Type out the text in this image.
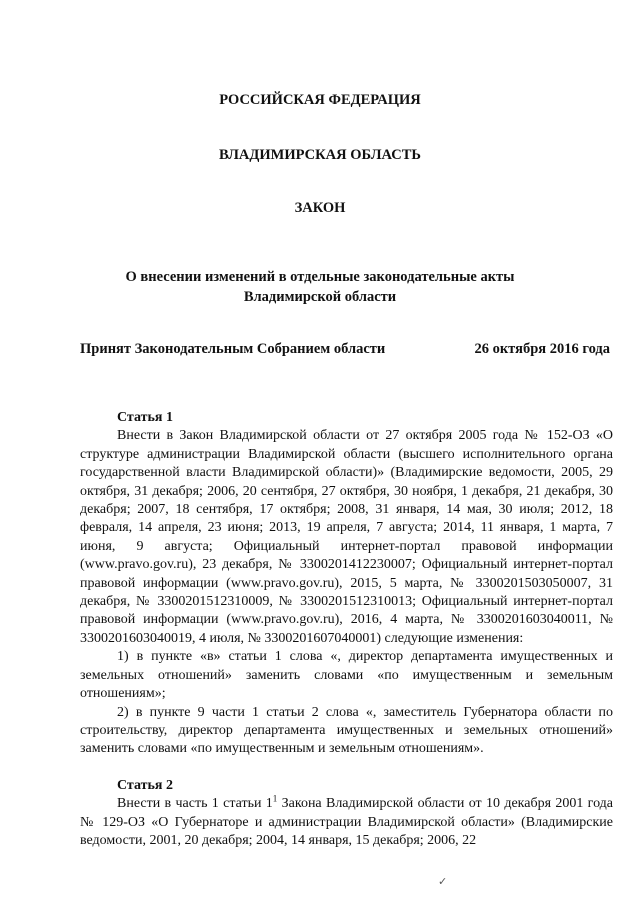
РОССИЙСКАЯ ФЕДЕРАЦИЯ

ВЛАДИМИРСКАЯ ОБЛАСТЬ

ЗАКОН

О внесении изменений в отдельные законодательные акты
Владимирской области
Принят Законодательным Собранием области	26 октября 2016 года

Статья 1

Внести в Закон Владимирской области от 27 октября 2005 года № 152-ОЗ «О структуре администрации Владимирской области (высшего исполнительного органа государственной власти Владимирской области)» (Владимирские ведомости, 2005, 29 октября, 31 декабря; 2006, 20 сентября, 27 октября, 30 ноября, 1 декабря, 21 декабря, 30 декабря; 2007, 18 сентября, 17 октября; 2008, 31 января, 14 мая, 30 июля; 2012, 18 февраля, 14 апреля, 23 июня; 2013, 19 апреля, 7 августа; 2014, 11 января, 1 марта, 7 июня, 9 августа; Официальный интернет-портал правовой информации (www.pravo.gov.ru), 23 декабря, № 3300201412230007; Официальный интернет-портал правовой информации (www.pravo.gov.ru), 2015, 5 марта, № 3300201503050007, 31 декабря, № 3300201512310009, № 3300201512310013; Официальный интернет-портал правовой информации (www.pravo.gov.ru), 2016, 4 марта, № 3300201603040011, № 3300201603040019, 4 июля, № 3300201607040001) следующие изменения:

1) в пункте «в» статьи 1 слова «, директор департамента имущественных и земельных отношений» заменить словами «по имущественным и земельным отношениям»;

2) в пункте 9 части 1 статьи 2 слова «, заместитель Губернатора области по строительству, директор департамента имущественных и земельных отношений» заменить словами «по имущественным и земельным отношениям».

Статья 2

Внести в часть 1 статьи $1^1$ Закона Владимирской области от 10 декабря 2001 года № 129-ОЗ «О Губернаторе и администрации Владимирской области» (Владимирские ведомости, 2001, 20 декабря; 2004, 14 января, 15 декабря; 2006, 22

✓
